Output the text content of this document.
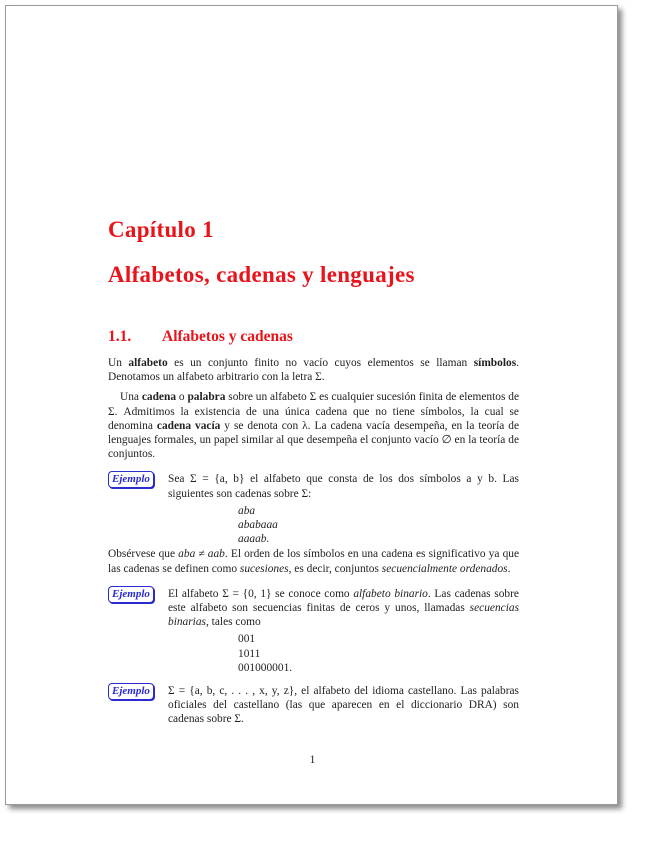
Capítulo 1
Alfabetos, cadenas y lenguajes
1.1. Alfabetos y cadenas

Un alfabeto es un conjunto finito no vacío cuyos elementos se llaman símbolos. Denotamos un alfabeto arbitrario con la letra Σ.

Una cadena o palabra sobre un alfabeto Σ es cualquier sucesión finita de elementos de Σ. Admitimos la existencia de una única cadena que no tiene símbolos, la cual se denomina cadena vacía y se denota con λ. La cadena vacía desempeña, en la teoría de lenguajes formales, un papel similar al que desempeña el conjunto vacío ∅ en la teoría de conjuntos.

Ejemplo	Sea Σ = {a, b} el alfabeto que consta de los dos símbolos a y b. Las siguientes son cadenas sobre Σ:
aba
ababaaa
aaaab.

Obsérvese que aba ≠ aab. El orden de los símbolos en una cadena es significativo ya que las cadenas se definen como sucesiones, es decir, conjuntos secuencialmente ordenados.

Ejemplo	El alfabeto Σ = {0, 1} se conoce como alfabeto binario. Las cadenas sobre este alfabeto son secuencias finitas de ceros y unos, llamadas secuencias binarias, tales como
001
1011
001000001.
Ejemplo	Σ = {a, b, c, . . . , x, y, z}, el alfabeto del idioma castellano. Las palabras oficiales del castellano (las que aparecen en el diccionario DRA) son cadenas sobre Σ.
1
